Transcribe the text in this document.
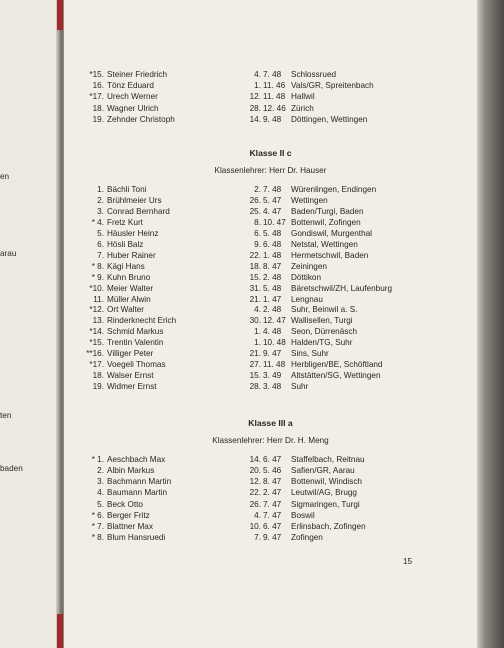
en
arau
ten
baden
*15. Steiner Friedrich	4. 7. 48 Schlossrued
16. Tönz Eduard	1. 11. 46 Vals/GR, Spreitenbach
*17. Urech Werner	12. 11. 48 Hallwil
18. Wagner Ulrich	28. 12. 46 Zürich
19. Zehnder Christoph	14. 9. 48 Döttingen, Wettingen
Klasse II c
Klassenlehrer: Herr Dr. Hauser
1. Bächli Toni	2. 7. 48 Würenlingen, Endingen
2. Brühlmeier Urs	26. 5. 47 Wettingen
3. Conrad Bernhard	25. 4. 47 Baden/Turgi, Baden
* 4. Fretz Kurt	8. 10. 47 Bottenwil, Zofingen
5. Häusler Heinz	6. 5. 48 Gondiswil, Murgenthal
6. Hösli Balz	9. 6. 48 Netstal, Wettingen
7. Huber Rainer	22. 1. 48 Hermetschwil, Baden
* 8. Kägi Hans	18. 8. 47 Zeiningen
* 9. Kuhn Bruno	15. 2. 48 Döttikon
*10. Meier Walter	31. 5. 48 Bäretschwil/ZH, Laufenburg
11. Müller Alwin	21. 1. 47 Lengnau
*12. Ort Walter	4. 2. 48 Suhr, Beinwil a. S.
13. Rinderknecht Erich	30. 12. 47 Wallisellen, Turgi
*14. Schmid Markus	1. 4. 48 Seon, Dürrenäsch
*15. Trentin Valentin	1. 10. 48 Halden/TG, Suhr
**16. Villiger Peter	21. 9. 47 Sins, Suhr
*17. Voegeli Thomas	27. 11. 48 Herbligen/BE, Schöftland
18. Walser Ernst	15. 3. 49 Altstätten/SG, Wettingen
19. Widmer Ernst	28. 3. 48 Suhr
Klasse III a
Klassenlehrer: Herr Dr. H. Meng
* 1. Aeschbach Max	14. 6. 47 Staffelbach, Reitnau
2. Albin Markus	20. 5. 46 Safien/GR, Aarau
3. Bachmann Martin	12. 8. 47 Bottenwil, Windisch
4. Baumann Martin	22. 2. 47 Leutwil/AG, Brugg
5. Beck Otto	26. 7. 47 Sigmaringen, Turgi
* 6. Berger Fritz	4. 7. 47 Boswil
* 7. Blattner Max	10. 6. 47 Erlinsbach, Zofingen
* 8. Blum Hansruedi	7. 9. 47 Zofingen
15
